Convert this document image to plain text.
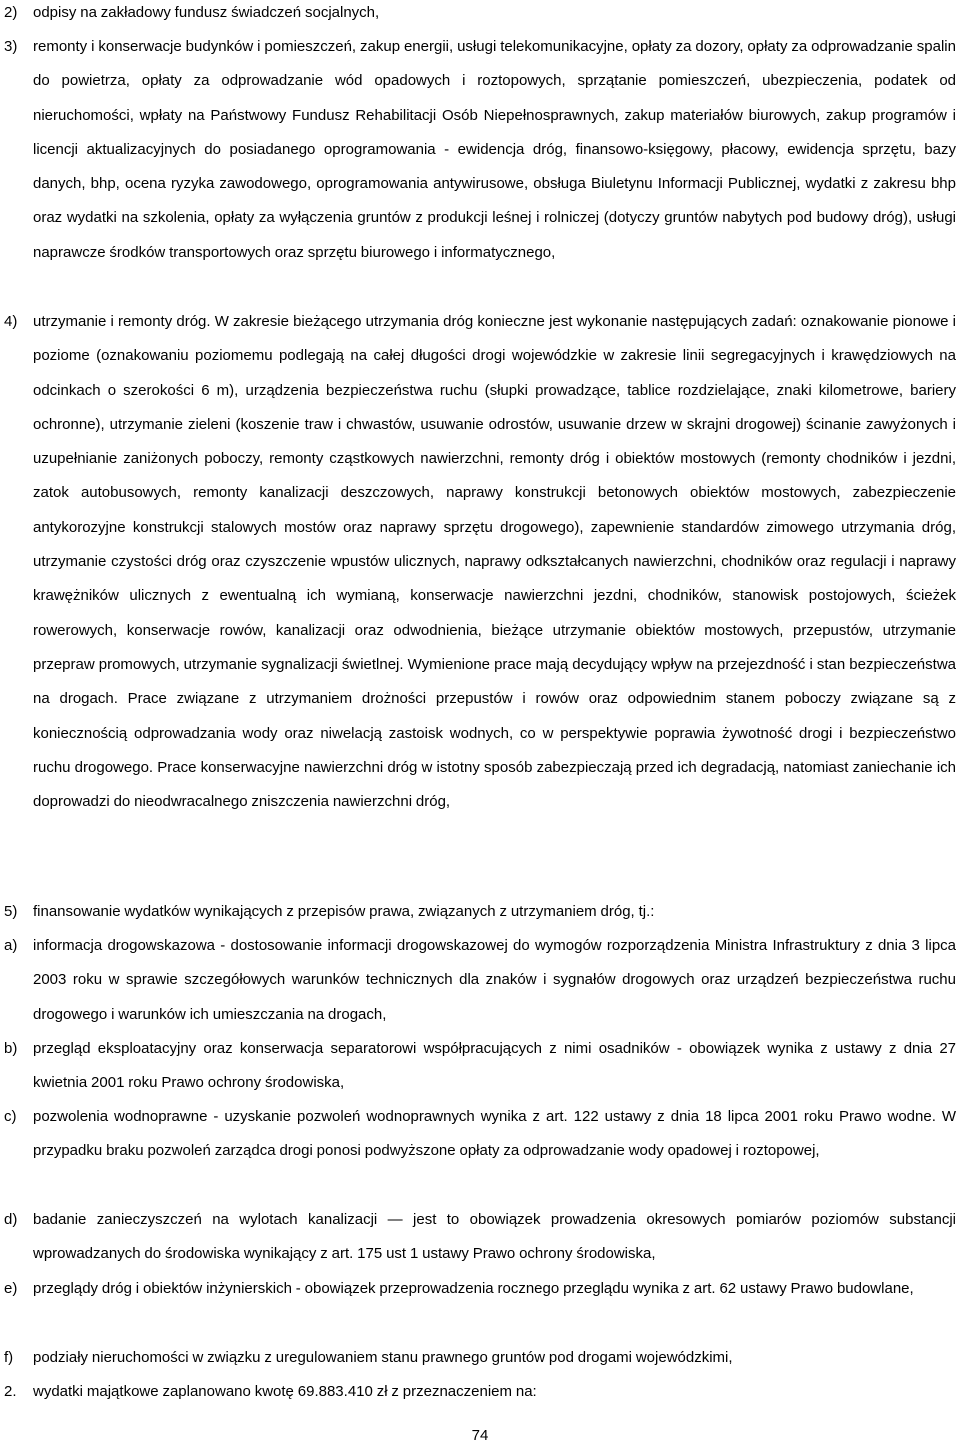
2) odpisy na zakładowy fundusz świadczeń socjalnych,
3) remonty i konserwacje budynków i pomieszczeń, zakup energii, usługi telekomunikacyjne, opłaty za dozory, opłaty za odprowadzanie spalin do powietrza, opłaty za odprowadzanie wód opadowych i roztopowych, sprzątanie pomieszczeń, ubezpieczenia, podatek od nieruchomości, wpłaty na Państwowy Fundusz Rehabilitacji Osób Niepełnosprawnych, zakup materiałów biurowych, zakup programów i licencji aktualizacyjnych do posiadanego oprogramowania - ewidencja dróg, finansowo-księgowy, płacowy, ewidencja sprzętu, bazy danych, bhp, ocena ryzyka zawodowego, oprogramowania antywirusowe, obsługa Biuletynu Informacji Publicznej, wydatki z zakresu bhp oraz wydatki na szkolenia, opłaty za wyłączenia gruntów z produkcji leśnej i rolniczej (dotyczy gruntów nabytych pod budowy dróg), usługi naprawcze środków transportowych oraz sprzętu biurowego i informatycznego,
4) utrzymanie i remonty dróg. W zakresie bieżącego utrzymania dróg konieczne jest wykonanie następujących zadań: oznakowanie pionowe i poziome (oznakowaniu poziomemu podlegają na całej długości drogi wojewódzkie w zakresie linii segregacyjnych i krawędziowych na odcinkach o szerokości 6 m), urządzenia bezpieczeństwa ruchu (słupki prowadzące, tablice rozdzielające, znaki kilometrowe, bariery ochronne), utrzymanie zieleni (koszenie traw i chwastów, usuwanie odrostów, usuwanie drzew w skrajni drogowej) ścinanie zawyżonych i uzupełnianie zaniżonych poboczy, remonty cząstkowych nawierzchni, remonty dróg i obiektów mostowych (remonty chodników i jezdni, zatok autobusowych, remonty kanalizacji deszczowych, naprawy konstrukcji betonowych obiektów mostowych, zabezpieczenie antykorozyjne konstrukcji stalowych mostów oraz naprawy sprzętu drogowego), zapewnienie standardów zimowego utrzymania dróg, utrzymanie czystości dróg oraz czyszczenie wpustów ulicznych, naprawy odkształcanych nawierzchni, chodników oraz regulacji i naprawy krawężników ulicznych z ewentualną ich wymianą, konserwacje nawierzchni jezdni, chodników, stanowisk postojowych, ścieżek rowerowych, konserwacje rowów, kanalizacji oraz odwodnienia, bieżące utrzymanie obiektów mostowych, przepustów, utrzymanie przepraw promowych, utrzymanie sygnalizacji świetlnej. Wymienione prace mają decydujący wpływ na przejezdność i stan bezpieczeństwa na drogach. Prace związane z utrzymaniem drożności przepustów i rowów oraz odpowiednim stanem poboczy związane są z koniecznością odprowadzania wody oraz niwelacją zastoisk wodnych, co w perspektywie poprawia żywotność drogi i bezpieczeństwo ruchu drogowego. Prace konserwacyjne nawierzchni dróg w istotny sposób zabezpieczają przed ich degradacją, natomiast zaniechanie ich doprowadzi do nieodwracalnego zniszczenia nawierzchni dróg,
5) finansowanie wydatków wynikających z przepisów prawa, związanych z utrzymaniem dróg, tj.:
a) informacja drogowskazowa - dostosowanie informacji drogowskazowej do wymogów rozporządzenia Ministra Infrastruktury z dnia 3 lipca 2003 roku w sprawie szczegółowych warunków technicznych dla znaków i sygnałów drogowych oraz urządzeń bezpieczeństwa ruchu drogowego i warunków ich umieszczania na drogach,
b) przegląd eksploatacyjny oraz konserwacja separatorowi współpracujących z nimi osadników - obowiązek wynika z ustawy z dnia 27 kwietnia 2001 roku Prawo ochrony środowiska,
c) pozwolenia wodnoprawne - uzyskanie pozwoleń wodnoprawnych wynika z art. 122 ustawy z dnia 18 lipca 2001 roku Prawo wodne. W przypadku braku pozwoleń zarządca drogi ponosi podwyższone opłaty za odprowadzanie wody opadowej i roztopowej,
d) badanie zanieczyszczeń na wylotach kanalizacji — jest to obowiązek prowadzenia okresowych pomiarów poziomów substancji wprowadzanych do środowiska wynikający z art. 175 ust 1 ustawy Prawo ochrony środowiska,
e) przeglądy dróg i obiektów inżynierskich - obowiązek przeprowadzenia rocznego przeglądu wynika z art. 62 ustawy Prawo budowlane,
f) podziały nieruchomości w związku z uregulowaniem stanu prawnego gruntów pod drogami wojewódzkimi,
2. wydatki majątkowe zaplanowano kwotę 69.883.410 zł z przeznaczeniem na:
74
